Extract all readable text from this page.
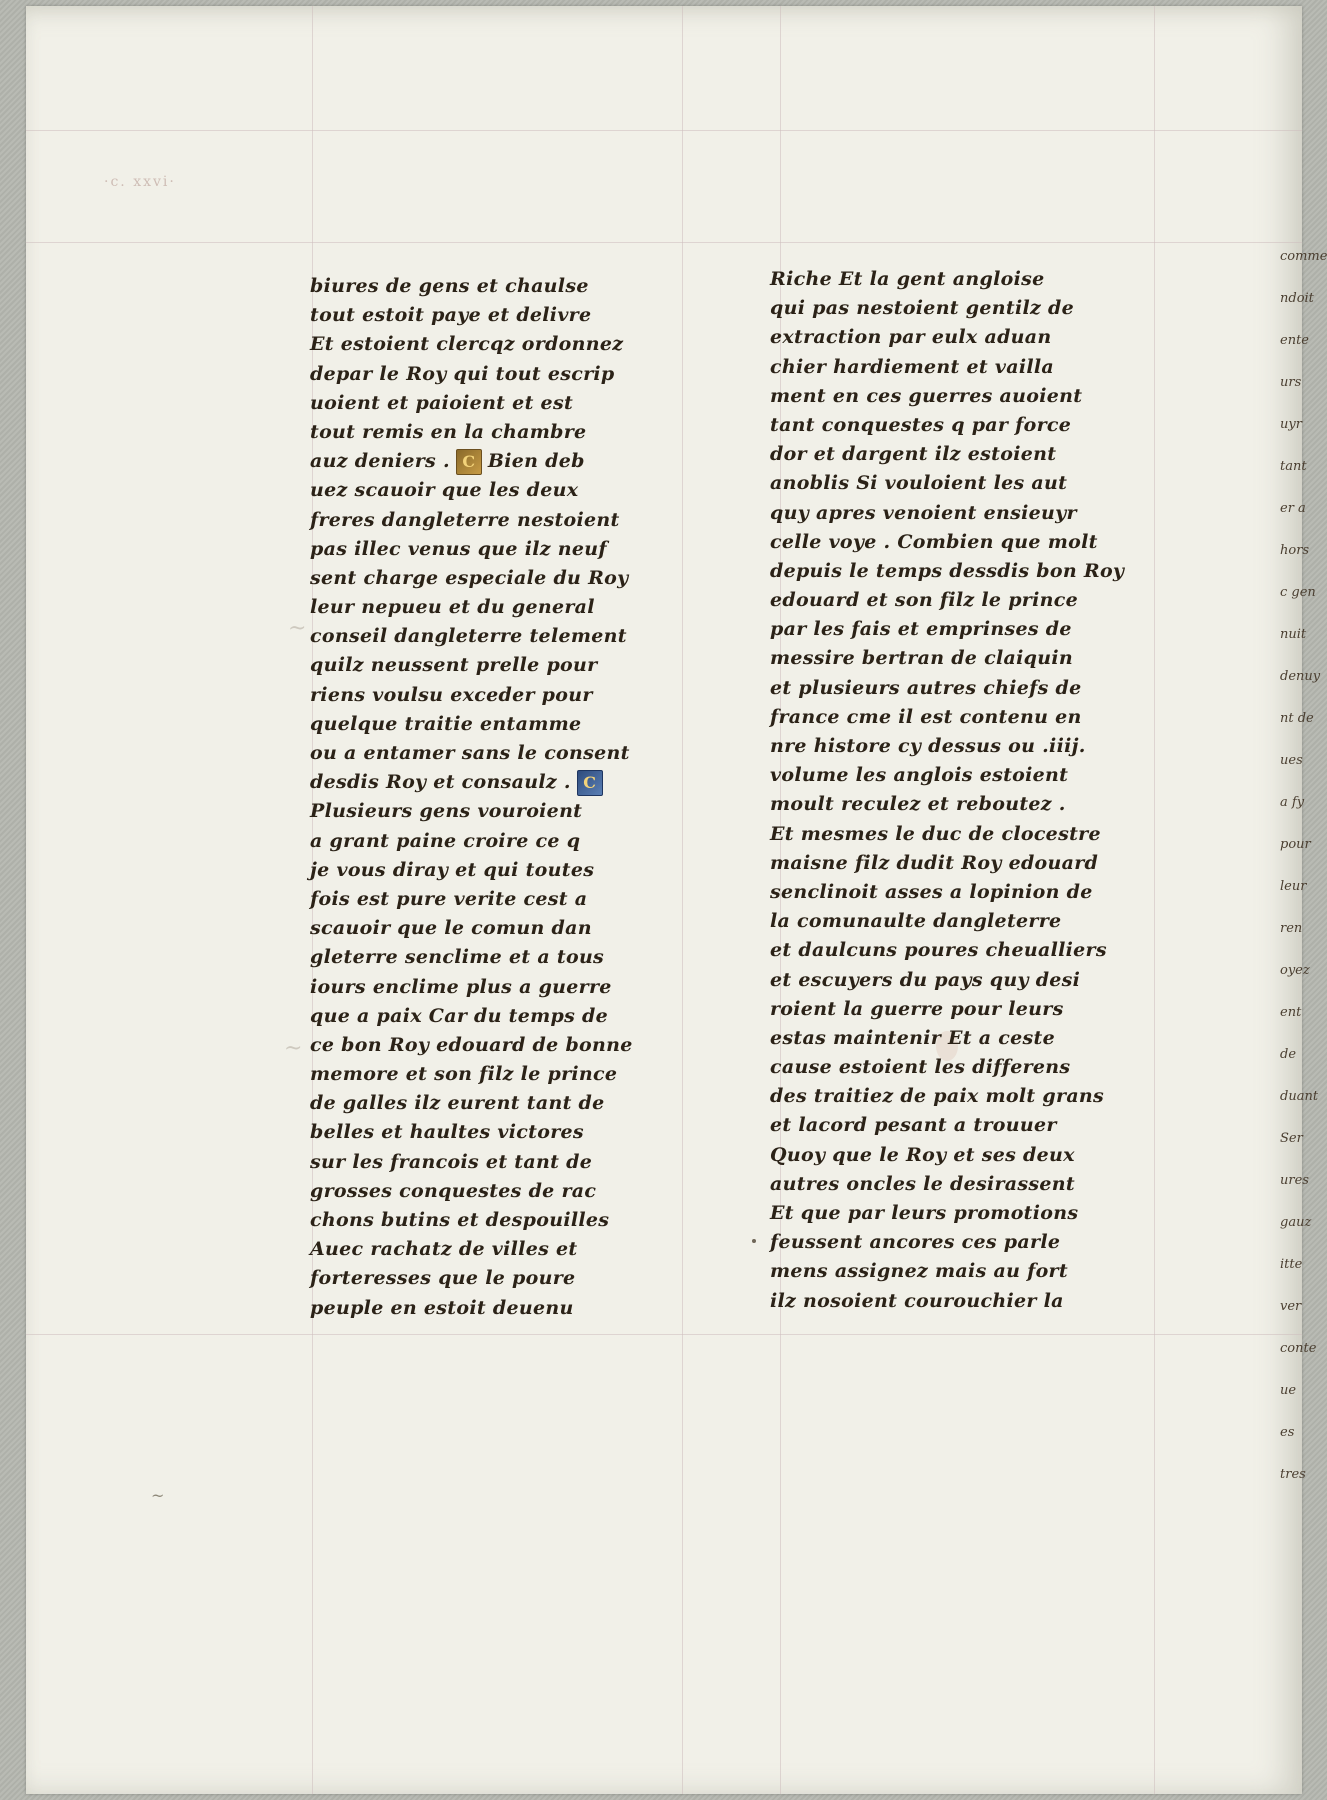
·c. xxvi·
~
~
~
biures de gens et chaulse
tout estoit paye et delivre
Et estoient clercqz ordonnez
depar le Roy qui tout escrip
uoient et paioient et est
tout remis en la chambre
auz deniers . C Bien deb
uez scauoir que les deux
freres dangleterre nestoient
pas illec venus que ilz neuf
sent charge especiale du Roy
leur nepueu et du general
conseil dangleterre telement
quilz neussent prelle pour
riens voulsu exceder pour
quelque traitie entamme
ou a entamer sans le consent
desdis Roy et consaulz . C
Plusieurs gens vouroient
a grant paine croire ce q
je vous diray et qui toutes
fois est pure verite cest a
scauoir que le comun dan
gleterre senclime et a tous
iours enclime plus a guerre
que a paix Car du temps de
ce bon Roy edouard de bonne
memore et son filz le prince
de galles ilz eurent tant de
belles et haultes victores
sur les francois et tant de
grosses conquestes de rac
chons butins et despouilles
Auec rachatz de villes et
forteresses que le poure
peuple en estoit deuenu
Riche Et la gent angloise
qui pas nestoient gentilz de
extraction par eulx aduan
chier hardiement et vailla
ment en ces guerres auoient
tant conquestes q par force
dor et dargent ilz estoient
anoblis Si vouloient les aut
quy apres venoient ensieuyr
celle voye . Combien que molt
depuis le temps dessdis bon Roy
edouard et son filz le prince
par les fais et emprinses de
messire bertran de claiquin
et plusieurs autres chiefs de
france cme il est contenu en
nre histore cy dessus ou .iiij.
volume les anglois estoient
moult reculez et reboutez .
Et mesmes le duc de clocestre
maisne filz dudit Roy edouard
senclinoit asses a lopinion de
la comunaulte dangleterre
et daulcuns poures cheualliers
et escuyers du pays quy desi
roient la guerre pour leurs
estas maintenir Et a ceste
cause estoient les differens
des traitiez de paix molt grans
et lacord pesant a trouuer
Quoy que le Roy et ses deux
autres oncles le desirassent
Et que par leurs promotions
feussent ancores ces parle
mens assignez mais au fort
ilz nosoient courouchier la
comme
ndoit
ente
urs
uyr
tant
er a
hors
c gen
nuit
denuy
nt de
ues
a fy
pour
leur
ren
oyez
ent
de
duant
Ser
ures
gauz
itte
ver
conte
ue
es
tres
